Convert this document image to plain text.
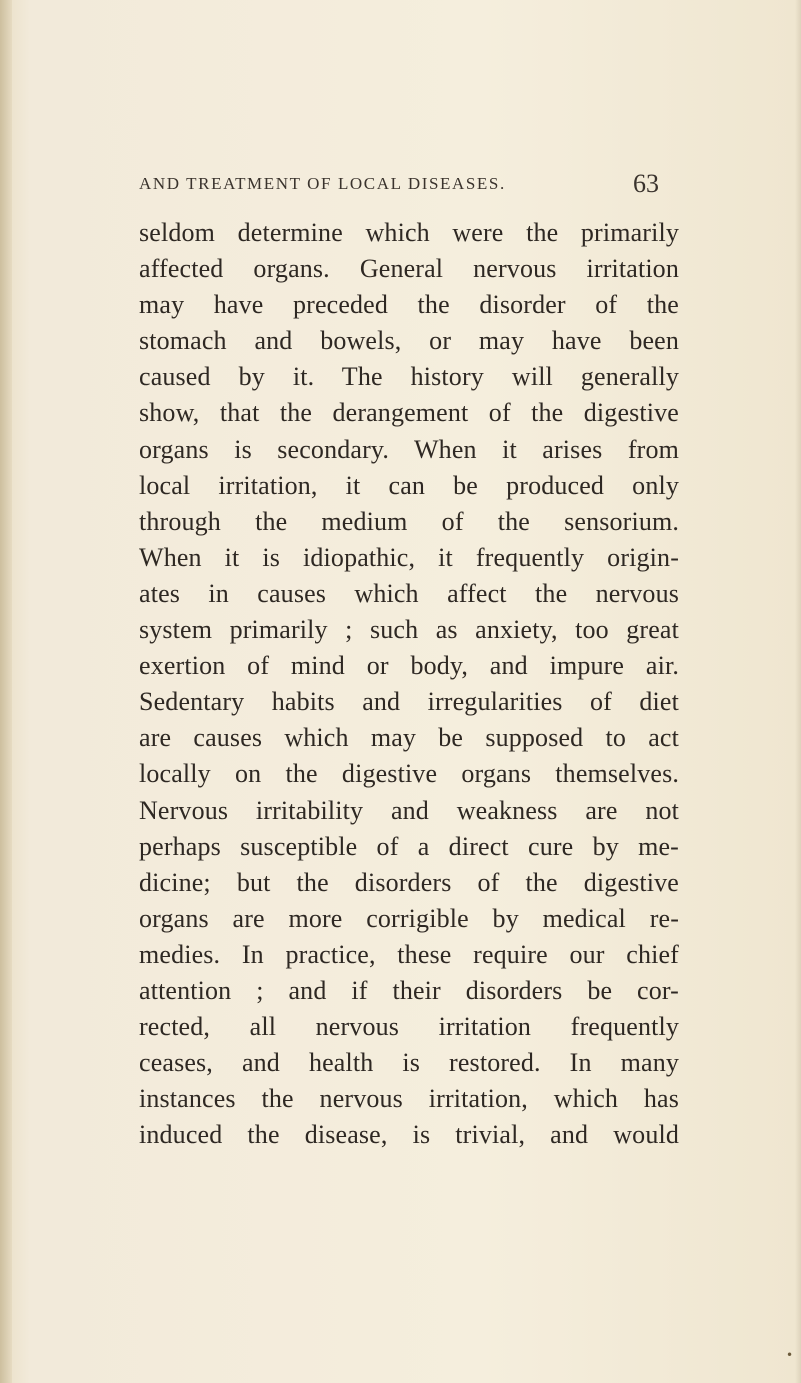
AND TREATMENT OF LOCAL DISEASES.	63
seldom determine which were the primarily
affected organs. General nervous irritation
may have preceded the disorder of the
stomach and bowels, or may have been
caused by it. The history will generally
show, that the derangement of the digestive
organs is secondary. When it arises from
local irritation, it can be produced only
through the medium of the sensorium.
When it is idiopathic, it frequently origin-
ates in causes which affect the nervous
system primarily ; such as anxiety, too great
exertion of mind or body, and impure air.
Sedentary habits and irregularities of diet
are causes which may be supposed to act
locally on the digestive organs themselves.
Nervous irritability and weakness are not
perhaps susceptible of a direct cure by me-
dicine; but the disorders of the digestive
organs are more corrigible by medical re-
medies. In practice, these require our chief
attention ; and if their disorders be cor-
rected, all nervous irritation frequently
ceases, and health is restored. In many
instances the nervous irritation, which has
induced the disease, is trivial, and would
•
